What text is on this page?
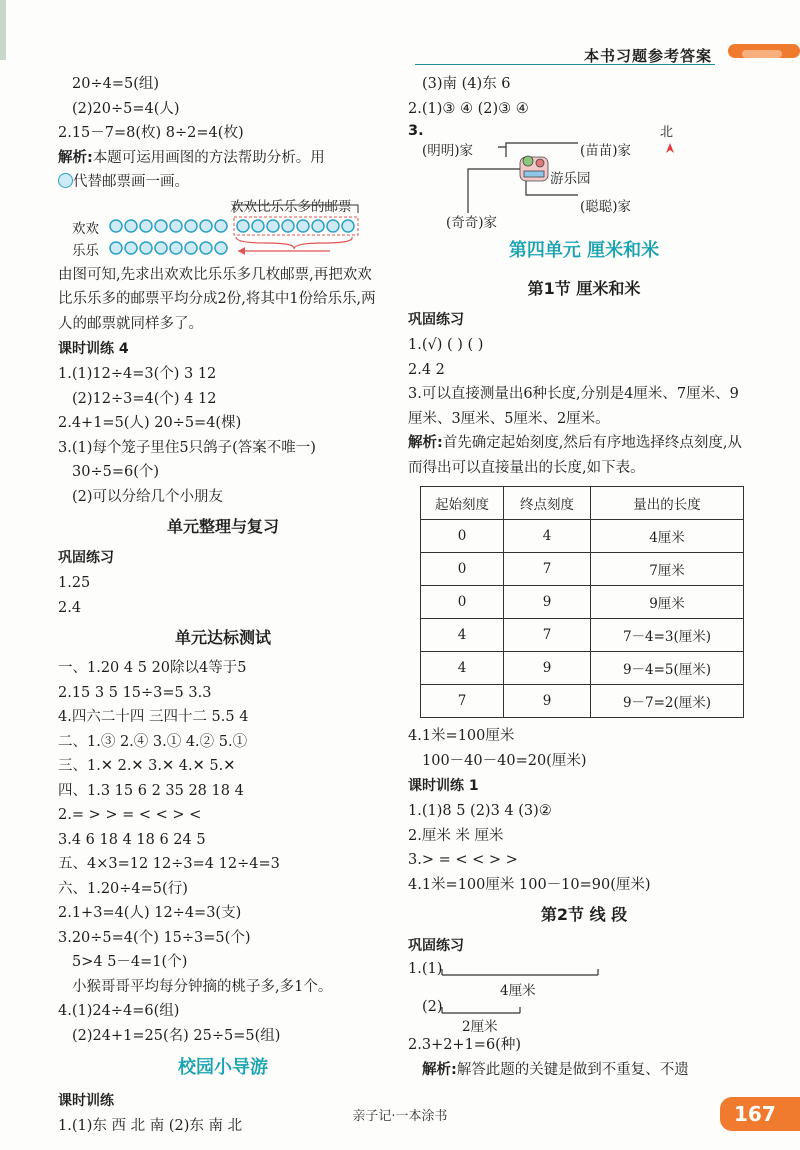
本书习题参考答案
20÷4=5(组)
(2)20÷5=4(人)
2.15－7=8(枚) 8÷2=4(枚)
解析:本题可运用画图的方法帮助分析。用
代替邮票画一画。
欢欢比乐乐多的邮票
欢欢
乐乐
由图可知,先求出欢欢比乐乐多几枚邮票,再把欢欢比乐乐多的邮票平均分成2份,将其中1份给乐乐,两人的邮票就同样多了。
课时训练 4
1.(1)12÷4=3(个) 3 12
(2)12÷3=4(个) 4 12
2.4+1=5(人) 20÷5=4(棵)
3.(1)每个笼子里住5只鸽子(答案不唯一)
30÷5=6(个)
(2)可以分给几个小朋友
单元整理与复习
巩固练习
1.25
2.4
单元达标测试
一、1.20 4 5 20除以4等于5
2.15 3 5 15÷3=5 3.3
4.四六二十四 三四十二 5.5 4
二、1.③ 2.④ 3.① 4.② 5.①
三、1.✕ 2.✕ 3.✕ 4.✕ 5.✕
四、1.3 15 6 2 35 28 18 4
2.= > > = < < > <
3.4 6 18 4 18 6 24 5
五、4×3=12 12÷3=4 12÷4=3
六、1.20÷4=5(行)
2.1+3=4(人) 12÷4=3(支)
3.20÷5=4(个) 15÷3=5(个)
5>4 5－4=1(个)
小猴哥哥平均每分钟摘的桃子多,多1个。
4.(1)24÷4=6(组)
(2)24+1=25(名) 25÷5=5(组)
校园小导游
课时训练
1.(1)东 西 北 南 (2)东 南 北
(3)南 (4)东 6
2.(1)③ ④ (2)③ ④
3.
(明明)家	(苗苗)家
游乐园
(聪聪)家
(奇奇)家
北
第四单元 厘米和米
第1节 厘米和米
巩固练习
1.(√) ( ) ( )
2.4 2
3.可以直接测量出6种长度,分别是4厘米、7厘米、9厘米、3厘米、5厘米、2厘米。
解析:首先确定起始刻度,然后有序地选择终点刻度,从而得出可以直接量出的长度,如下表。
起始刻度	终点刻度	量出的长度
0	4	4厘米
0	7	7厘米
0	9	9厘米
4	7	7－4=3(厘米)
4	9	9－4=5(厘米)
7	9	9－7=2(厘米)
4.1米=100厘米
100－40－40=20(厘米)
课时训练 1
1.(1)8 5 (2)3 4 (3)②
2.厘米 米 厘米
3.> = < < > >
4.1米=100厘米 100－10=90(厘米)
第2节 线 段
巩固练习
1.(1)
4厘米
(2)
2厘米
2.3+2+1=6(种)
解析:解答此题的关键是做到不重复、不遗
亲子记·一本涂书	167
